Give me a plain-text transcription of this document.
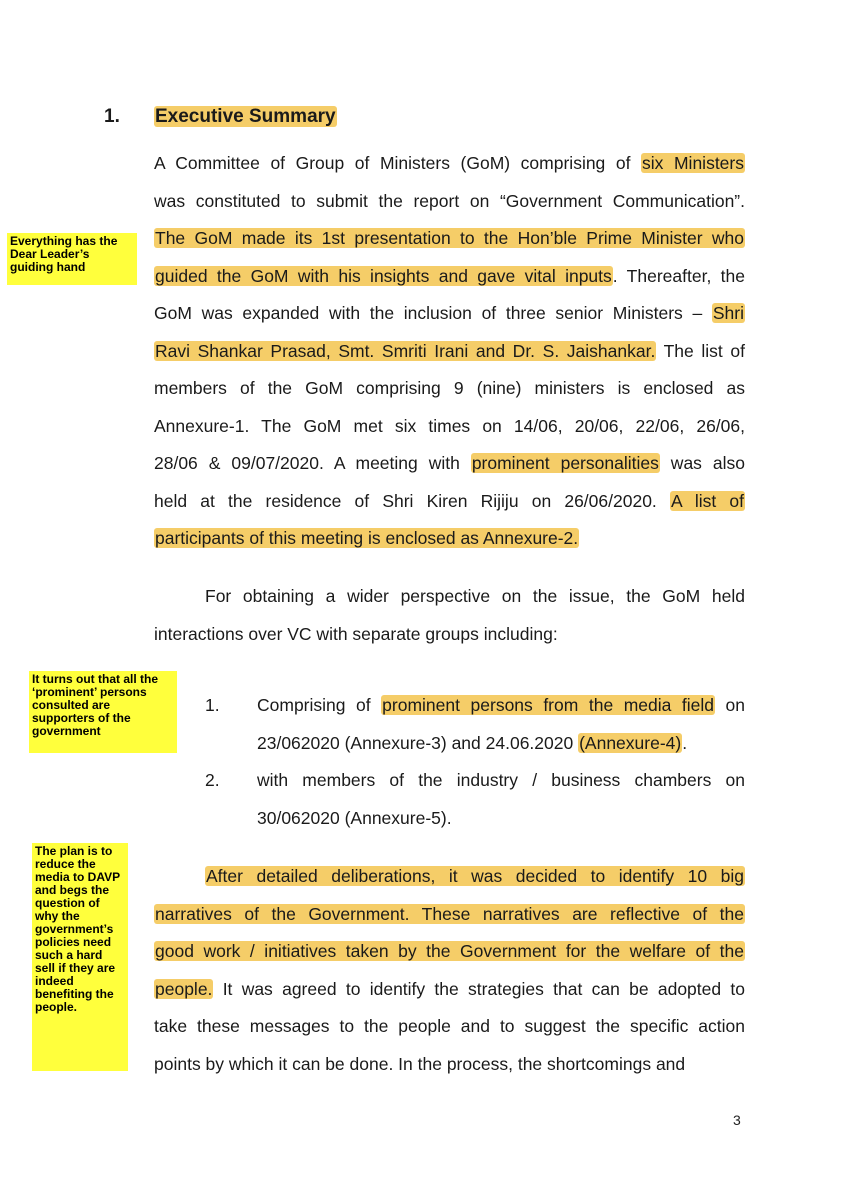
1. Executive Summary
A Committee of Group of Ministers (GoM) comprising of six Ministers
was constituted to submit the report on “Government Communication”.
The GoM made its 1st presentation to the Hon’ble Prime Minister who
guided the GoM with his insights and gave vital inputs. Thereafter, the
GoM was expanded with the inclusion of three senior Ministers – Shri
Ravi Shankar Prasad, Smt. Smriti Irani and Dr. S. Jaishankar. The list of
members of the GoM comprising 9 (nine) ministers is enclosed as
Annexure-1. The GoM met six times on 14/06, 20/06, 22/06, 26/06,
28/06 & 09/07/2020. A meeting with prominent personalities was also
held at the residence of Shri Kiren Rijiju on 26/06/2020. A list of
participants of this meeting is enclosed as Annexure-2.
For obtaining a wider perspective on the issue, the GoM held
interactions over VC with separate groups including:
1. Comprising of prominent persons from the media field on
23/062020 (Annexure-3) and 24.06.2020 (Annexure-4).
2. with members of the industry / business chambers on
30/062020 (Annexure-5).
After detailed deliberations, it was decided to identify 10 big
narratives of the Government. These narratives are reflective of the
good work / initiatives taken by the Government for the welfare of the
people. It was agreed to identify the strategies that can be adopted to
take these messages to the people and to suggest the specific action
points by which it can be done. In the process, the shortcomings and
Everything has the Dear Leader’s guiding hand
It turns out that all the ‘prominent’ persons consulted are supporters of the government
The plan is to reduce the media to DAVP and begs the question of why the government’s policies need such a hard sell if they are indeed benefiting the people.
3
